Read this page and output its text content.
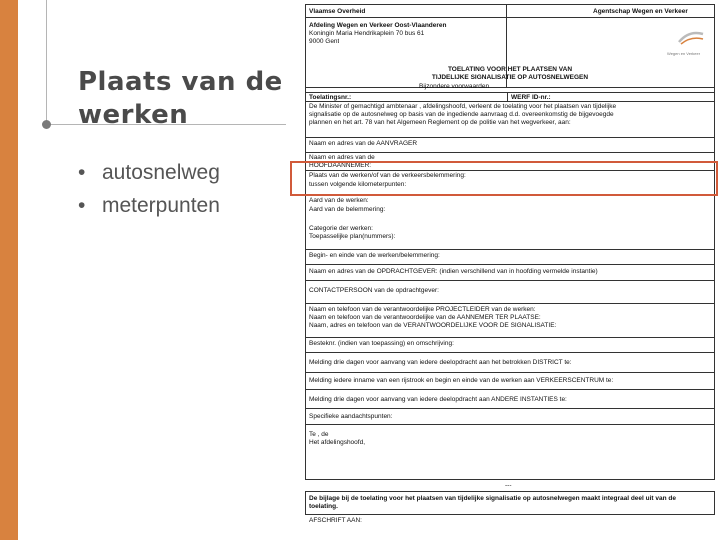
Plaats van de werken
• autosnelweg
• meterpunten
Vlaamse Overheid	Agentschap Wegen en Verkeer
Afdeling Wegen en Verkeer Oost-Vlaanderen
Koningin Maria Hendrikaplein 70 bus 61
9000 Gent
Wegen en Verkeer
TOELATING VOOR HET PLAATSEN VAN
TIJDELIJKE SIGNALISATIE OP AUTOSNELWEGEN
Bijzondere voorwaarden
Toelatingsnr.:	WERF ID-nr.:
De Minister of gemachtigd ambtenaar , afdelingshoofd, verleent de toelating voor het plaatsen van tijdelijke
signalisatie op de autosnelweg op basis van de ingediende aanvraag d.d. overeenkomstig de bijgevoegde
plannen en het art. 78 van het Algemeen Reglement op de politie van het wegverkeer, aan:
Naam en adres van de AANVRAGER
Naam en adres van de
HOOFDAANNEMER:
Plaats van de werken/of van de verkeersbelemmering:
tussen volgende kilometerpunten:
Aard van de werken:
Aard van de belemmering:
Categorie der werken:
Toepasselijke plan(nummers):
Begin- en einde van de werken/belemmering:
Naam en adres van de OPDRACHTGEVER: (indien verschillend van in hoofding vermelde instantie)
CONTACTPERSOON van de opdrachtgever:
Naam en telefoon van de verantwoordelijke PROJECTLEIDER van de werken:
Naam en telefoon van de verantwoordelijke van de AANNEMER TER PLAATSE:
Naam, adres en telefoon van de VERANTWOORDELIJKE VOOR DE SIGNALISATIE:
Besteknr. (indien van toepassing) en omschrijving:
Melding drie dagen voor aanvang van iedere deelopdracht aan het betrokken DISTRICT te:
Melding iedere inname van een rijstrook en begin en einde van de werken aan VERKEERSCENTRUM te:
Melding drie dagen voor aanvang van iedere deelopdracht aan ANDERE INSTANTIES te:
Specifieke aandachtspunten:
Te , de
Het afdelingshoofd,
---
De bijlage bij de toelating voor het plaatsen van tijdelijke signalisatie op autosnelwegen maakt integraal deel uit van de
toelating.
AFSCHRIFT AAN:
